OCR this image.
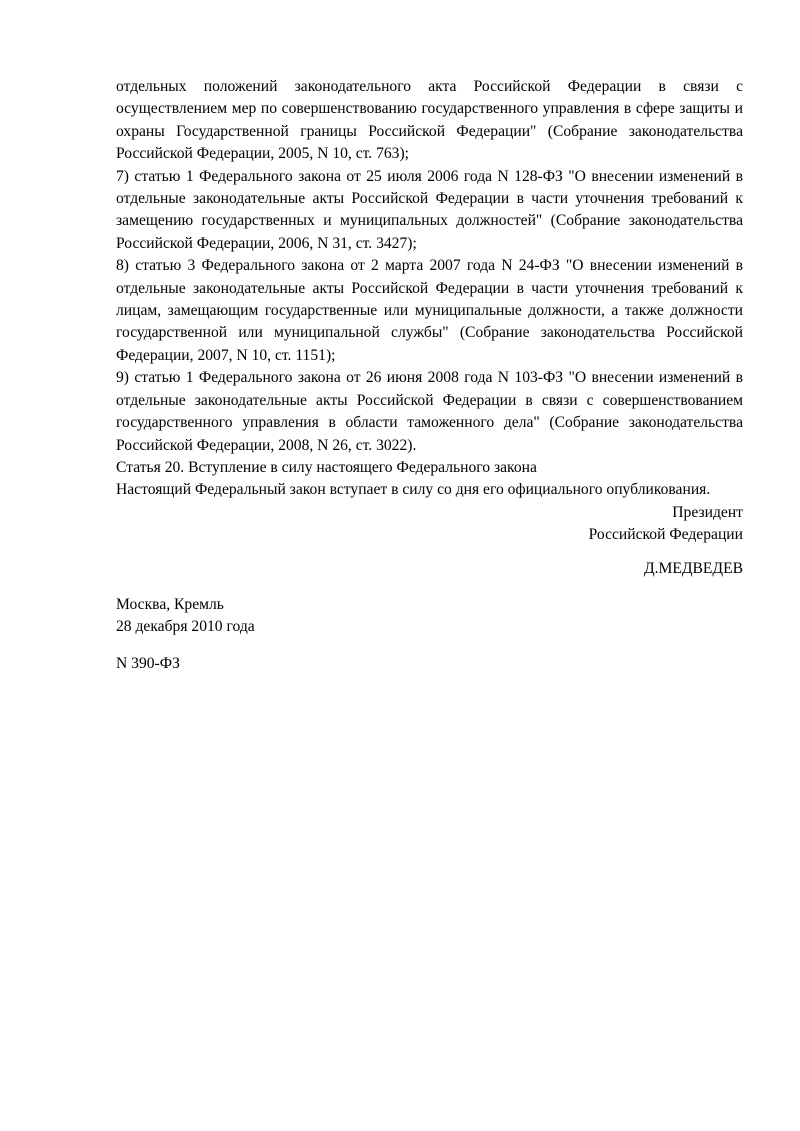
отдельных положений законодательного акта Российской Федерации в связи с осуществлением мер по совершенствованию государственного управления в сфере защиты и охраны Государственной границы Российской Федерации" (Собрание законодательства Российской Федерации, 2005, N 10, ст. 763);

7) статью 1 Федерального закона от 25 июля 2006 года N 128-ФЗ "О внесении изменений в отдельные законодательные акты Российской Федерации в части уточнения требований к замещению государственных и муниципальных должностей" (Собрание законодательства Российской Федерации, 2006, N 31, ст. 3427);

8) статью 3 Федерального закона от 2 марта 2007 года N 24-ФЗ "О внесении изменений в отдельные законодательные акты Российской Федерации в части уточнения требований к лицам, замещающим государственные или муниципальные должности, а также должности государственной или муниципальной службы" (Собрание законодательства Российской Федерации, 2007, N 10, ст. 1151);

9) статью 1 Федерального закона от 26 июня 2008 года N 103-ФЗ "О внесении изменений в отдельные законодательные акты Российской Федерации в связи с совершенствованием государственного управления в области таможенного дела" (Собрание законодательства Российской Федерации, 2008, N 26, ст. 3022).

Статья 20. Вступление в силу настоящего Федерального закона

Настоящий Федеральный закон вступает в силу со дня его официального опубликования.

Президент

Российской Федерации

Д.МЕДВЕДЕВ

Москва, Кремль

28 декабря 2010 года

N 390-ФЗ
